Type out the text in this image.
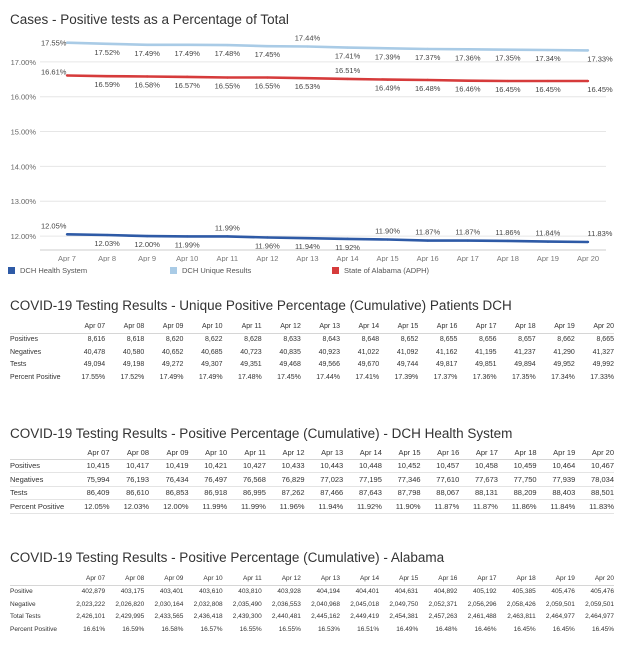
Cases - Positive tests as a Percentage of Total
12.00%
13.00%
14.00%
15.00%
16.00%
17.00%
Apr 7	Apr 8	Apr 9	Apr 10 Apr 11 Apr 12 Apr 13 Apr 14 Apr 15 Apr 16 Apr 17 Apr 18 Apr 19 Apr 20
17.55%
17.52% 17.49% 17.49% 17.48% 17.45%
17.44%
17.41% 17.39% 17.37% 17.36% 17.35% 17.34%	17.33%
16.61%
16.59% 16.58% 16.57% 16.55% 16.55% 16.53%
16.51%
16.49% 16.48% 16.46% 16.45% 16.45%	16.45%
12.05%
12.03% 12.00% 11.99%
11.99%
11.96% 11.94% 11.92%
11.90% 11.87% 11.87% 11.86% 11.84%	11.83%
DCH Health System	DCH Unique Results	State of Alabama (ADPH)
COVID-19 Testing Results - Unique Positive Percentage (Cumulative) Patients DCH
	Apr 07	Apr 08	Apr 09	Apr 10	Apr 11	Apr 12	Apr 13	Apr 14	Apr 15	Apr 16	Apr 17	Apr 18	Apr 19	Apr 20
Positives	8,616	8,618	8,620	8,622	8,628	8,633	8,643	8,648	8,652	8,655	8,656	8,657	8,662	8,665
Negatives	40,478	40,580	40,652	40,685	40,723	40,835	40,923	41,022	41,092	41,162	41,195	41,237	41,290	41,327
Tests	49,094	49,198	49,272	49,307	49,351	49,468	49,566	49,670	49,744	49,817	49,851	49,894	49,952	49,992
Percent Positive	17.55%	17.52%	17.49%	17.49%	17.48%	17.45%	17.44%	17.41%	17.39%	17.37%	17.36%	17.35%	17.34%	17.33%
COVID-19 Testing Results - Positive Percentage (Cumulative) - DCH Health System
	Apr 07	Apr 08	Apr 09	Apr 10	Apr 11	Apr 12	Apr 13	Apr 14	Apr 15	Apr 16	Apr 17	Apr 18	Apr 19	Apr 20
Positives	10,415	10,417	10,419	10,421	10,427	10,433	10,443	10,448	10,452	10,457	10,458	10,459	10,464	10,467
Negatives	75,994	76,193	76,434	76,497	76,568	76,829	77,023	77,195	77,346	77,610	77,673	77,750	77,939	78,034
Tests	86,409	86,610	86,853	86,918	86,995	87,262	87,466	87,643	87,798	88,067	88,131	88,209	88,403	88,501
Percent Positive	12.05%	12.03%	12.00%	11.99%	11.99%	11.96%	11.94%	11.92%	11.90%	11.87%	11.87%	11.86%	11.84%	11.83%
COVID-19 Testing Results - Positive Percentage (Cumulative) - Alabama
	Apr 07	Apr 08	Apr 09	Apr 10	Apr 11	Apr 12	Apr 13	Apr 14	Apr 15	Apr 16	Apr 17	Apr 18	Apr 19	Apr 20
Positive	402,879	403,175	403,401	403,610	403,810	403,928	404,194	404,401	404,631	404,892	405,192	405,385	405,476	405,476
Negative	2,023,222	2,026,820	2,030,164	2,032,808	2,035,490	2,036,553	2,040,968	2,045,018	2,049,750	2,052,371	2,056,296	2,058,426	2,059,501	2,059,501
Total Tests	2,426,101	2,429,995	2,433,565	2,436,418	2,439,300	2,440,481	2,445,162	2,449,419	2,454,381	2,457,263	2,461,488	2,463,811	2,464,977	2,464,977
Percent Positive	16.61%	16.59%	16.58%	16.57%	16.55%	16.55%	16.53%	16.51%	16.49%	16.48%	16.46%	16.45%	16.45%	16.45%
